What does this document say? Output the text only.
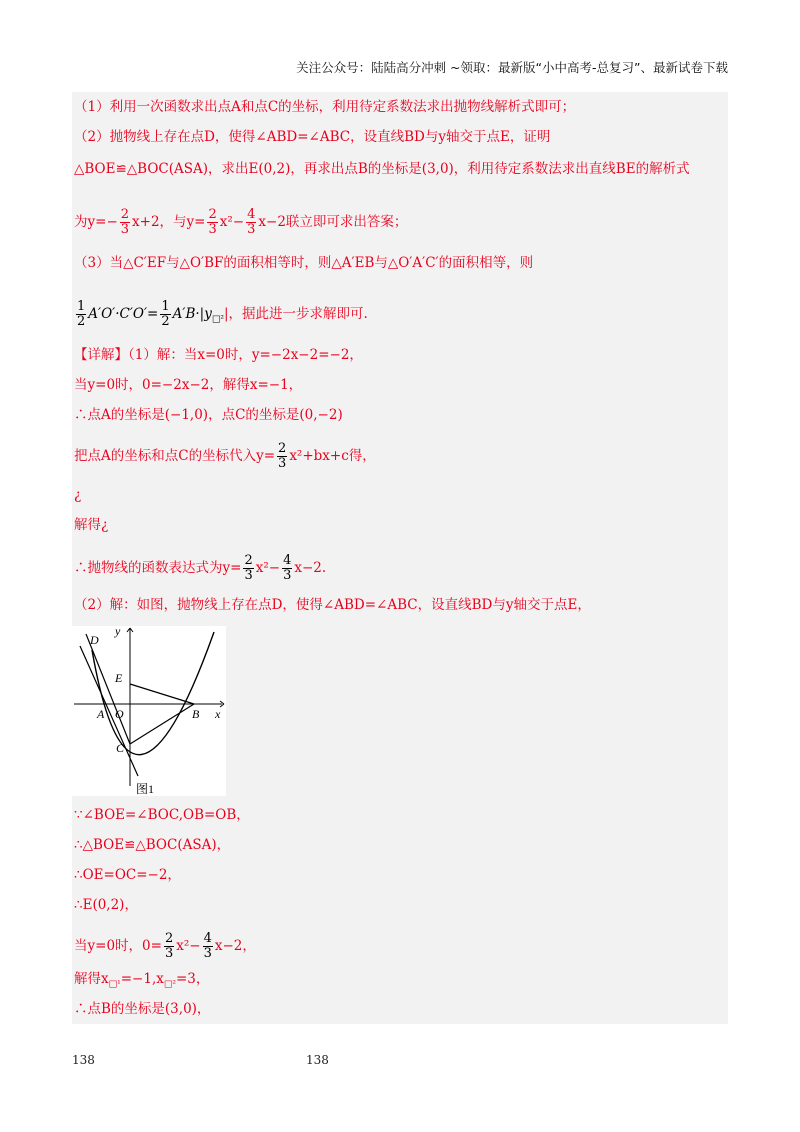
关注公众号：陆陆高分冲刺 ~领取：最新版“小中高考-总复习”、最新试卷下载
（1）利用一次函数求出点A和点C的坐标，利用待定系数法求出抛物线解析式即可；
（2）抛物线上存在点D，使得∠ABD=∠ABC，设直线BD与y轴交于点E，证明
△BOE≌△BOC(ASA)，求出E(0,2)，再求出点B的坐标是(3,0)，利用待定系数法求出直线BE的解析式
为$y=- \frac{2}{3} x+2$，与$y= \frac{2}{3} x^2- \frac{4}{3} x-2$联立即可求出答案；
（3）当△C′EF与△O′BF的面积相等时，则△A′EB与△O′A′C′的面积相等，则
$\frac{1}{2} A'O'\cdot C'O'= \frac{1}{2} A'B\cdot|y_{□^2}|$，据此进一步求解即可.
【详解】（1）解：当x=0时，y=−2x−2=−2，
当y=0时，0=−2x−2，解得x=−1，
∴点A的坐标是(−1,0)，点C的坐标是(0,−2)
把点A的坐标和点C的坐标代入$y= \frac{2}{3} x^2+bx+c$得，
¿
解得¿
∴抛物线的函数表达式为$y= \frac{2}{3} x^2- \frac{4}{3} x-2$.
（2）解：如图，抛物线上存在点D，使得∠ABD=∠ABC，设直线BD与y轴交于点E，
D
y
E
A O	B x
C
图1
∵∠BOE=∠BOC,OB=OB，
∴△BOE≌△BOC(ASA)，
∴OE=OC=−2，
∴E(0,2)，
当y=0时，$0= \frac{2}{3} x^2- \frac{4}{3} x-2$，
解得$x_{□^1}=-1,x_{□^2}=3$，
∴点B的坐标是(3,0)，
138	138
